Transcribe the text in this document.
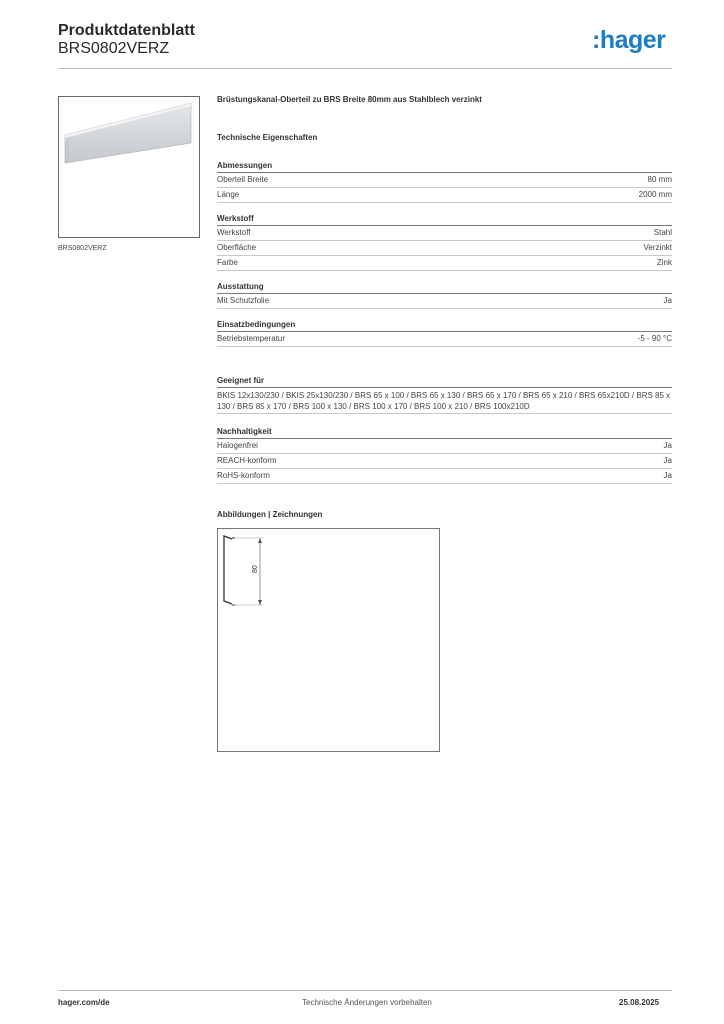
Produktdatenblatt
BRS0802VERZ	:hager
BRS0802VERZ
Brüstungskanal-Oberteil zu BRS Breite 80mm aus Stahlblech verzinkt
Technische Eigenschaften
Abmessungen
Oberteil Breite	80 mm
Länge	2000 mm
Werkstoff
Werkstoff	Stahl
Oberfläche	Verzinkt
Farbe	Zink
Ausstattung
Mit Schutzfolie	Ja
Einsatzbedingungen
Betriebstemperatur	-5 - 90 °C
Geeignet für
BKIS 12x130/230 / BKIS 25x130/230 / BRS 65 x 100 / BRS 65 x 130 / BRS 65 x 170 / BRS 65 x 210 / BRS 65x210D / BRS 85 x 130 / BRS 85 x 170 / BRS 100 x 130 / BRS 100 x 170 / BRS 100 x 210 / BRS 100x210D
Nachhaltigkeit
Halogenfrei	Ja
REACH-konform	Ja
RoHS-konform	Ja
Abbildungen | Zeichnungen
80
hager.com/de	Technische Änderungen vorbehalten	25.08.2025
